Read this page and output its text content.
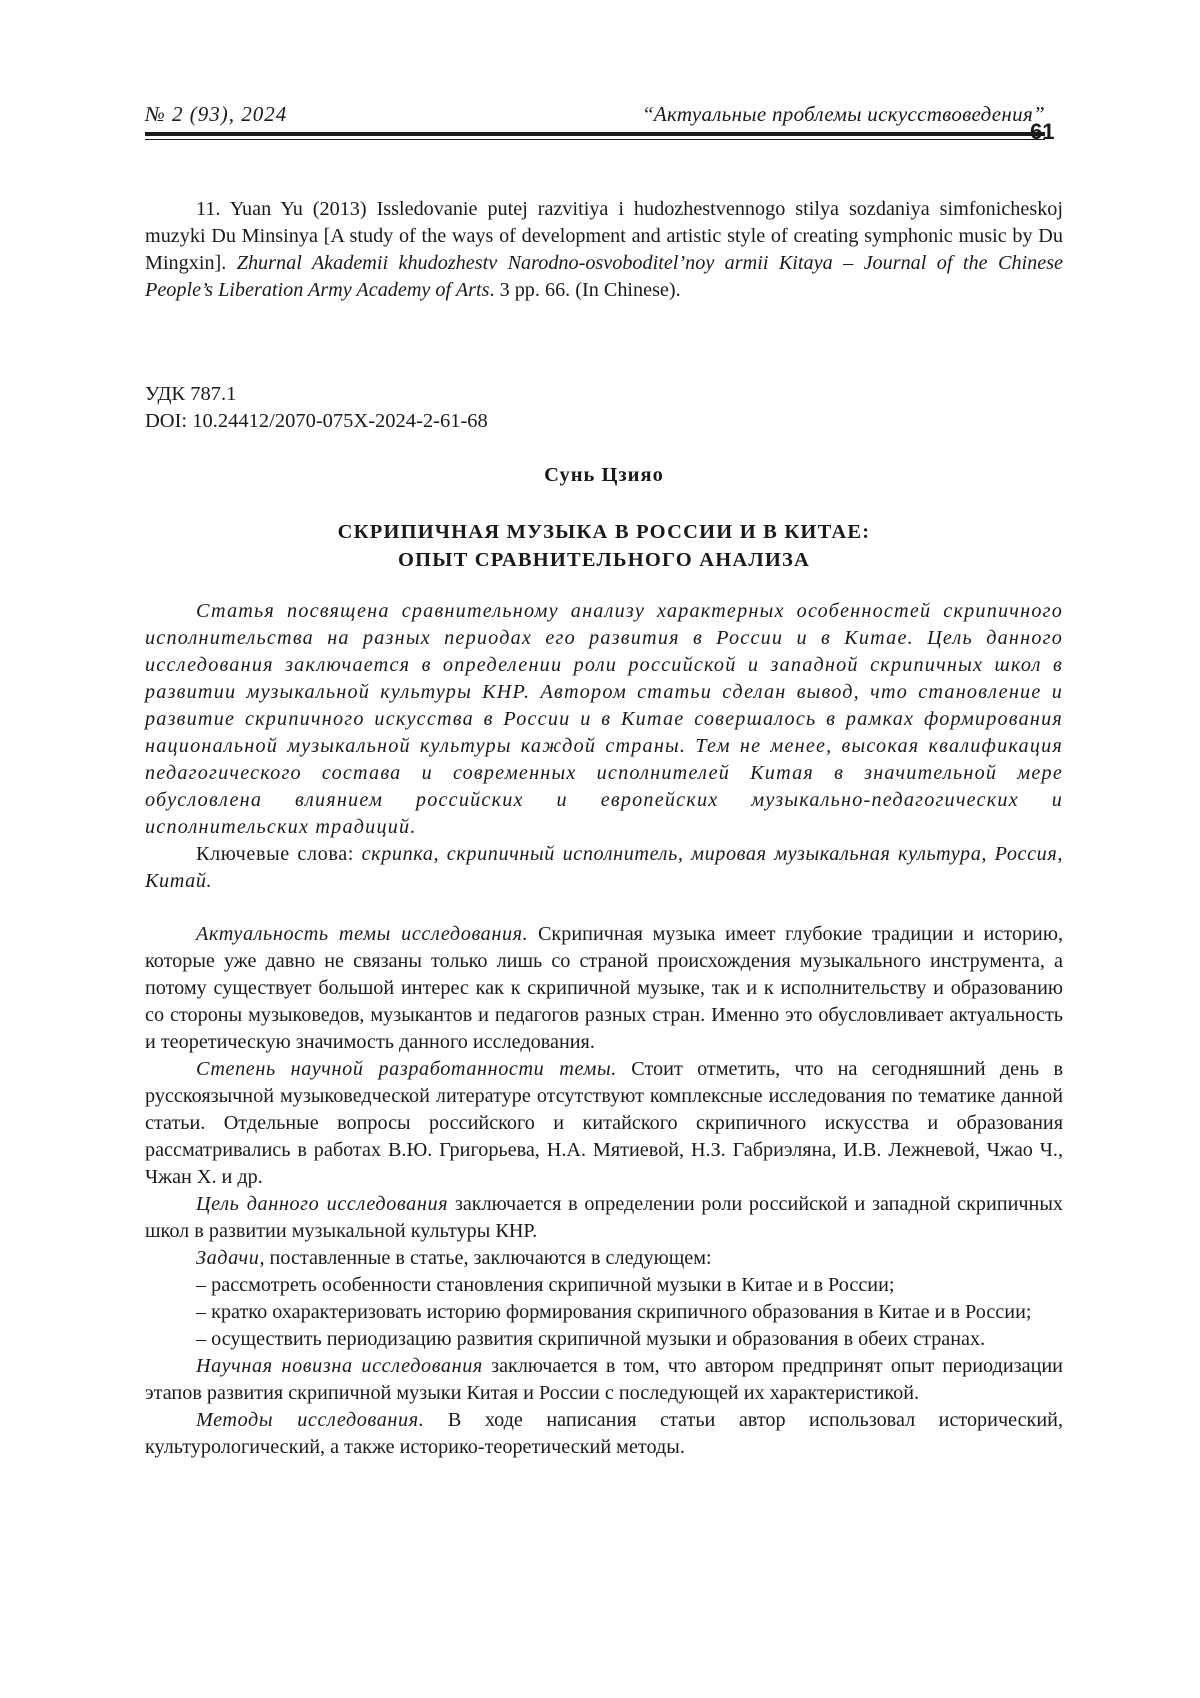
№ 2 (93), 2024	“Актуальные проблемы искусствоведения”
61

11. Yuan Yu (2013) Issledovanie putej razvitiya i hudozhestvennogo stilya sozdaniya simfonicheskoj muzyki Du Minsinya [A study of the ways of development and artistic style of creating symphonic music by Du Mingxin]. Zhurnal Akademii khudozhestv Narodno-osvoboditel’noy armii Kitaya – Journal of the Chinese People’s Liberation Army Academy of Arts. 3 pp. 66. (In Chinese).

УДК 787.1
DOI: 10.24412/2070-075X-2024-2-61-68
Сунь Цзияо
СКРИПИЧНАЯ МУЗЫКА В РОССИИ И В КИТАЕ:
ОПЫТ СРАВНИТЕЛЬНОГО АНАЛИЗА

Статья посвящена сравнительному анализу характерных особенностей скрипичного исполнительства на разных периодах его развития в России и в Китае. Цель данного исследования заключается в определении роли российской и западной скрипичных школ в развитии музыкальной культуры КНР. Автором статьи сделан вывод, что становление и развитие скрипичного искусства в России и в Китае совершалось в рамках формирования национальной музыкальной культуры каждой страны. Тем не менее, высокая квалификация педагогического состава и современных исполнителей Китая в значительной мере обусловлена влиянием российских и европейских музыкально-педагогических и исполнительских традиций.

Ключевые слова: скрипка, скрипичный исполнитель, мировая музыкальная культура, Россия, Китай.

Актуальность темы исследования. Скрипичная музыка имеет глубокие традиции и историю, которые уже давно не связаны только лишь со страной происхождения музыкального инструмента, а потому существует большой интерес как к скрипичной музыке, так и к исполнительству и образованию со стороны музыковедов, музыкантов и педагогов разных стран. Именно это обусловливает актуальность и теоретическую значимость данного исследования.

Степень научной разработанности темы. Стоит отметить, что на сегодняшний день в русскоязычной музыковедческой литературе отсутствуют комплексные исследования по тематике данной статьи. Отдельные вопросы российского и китайского скрипичного искусства и образования рассматривались в работах В.Ю. Григорьева, Н.А. Мятиевой, Н.З. Габриэляна, И.В. Лежневой, Чжао Ч., Чжан Х. и др.

Цель данного исследования заключается в определении роли российской и западной скрипичных школ в развитии музыкальной культуры КНР.

Задачи, поставленные в статье, заключаются в следующем:

– рассмотреть особенности становления скрипичной музыки в Китае и в России;

– кратко охарактеризовать историю формирования скрипичного образования в Китае и в России;

– осуществить периодизацию развития скрипичной музыки и образования в обеих странах.

Научная новизна исследования заключается в том, что автором предпринят опыт периодизации этапов развития скрипичной музыки Китая и России с последующей их характеристикой.

Методы исследования. В ходе написания статьи автор использовал исторический, культурологический, а также историко-теоретический методы.
